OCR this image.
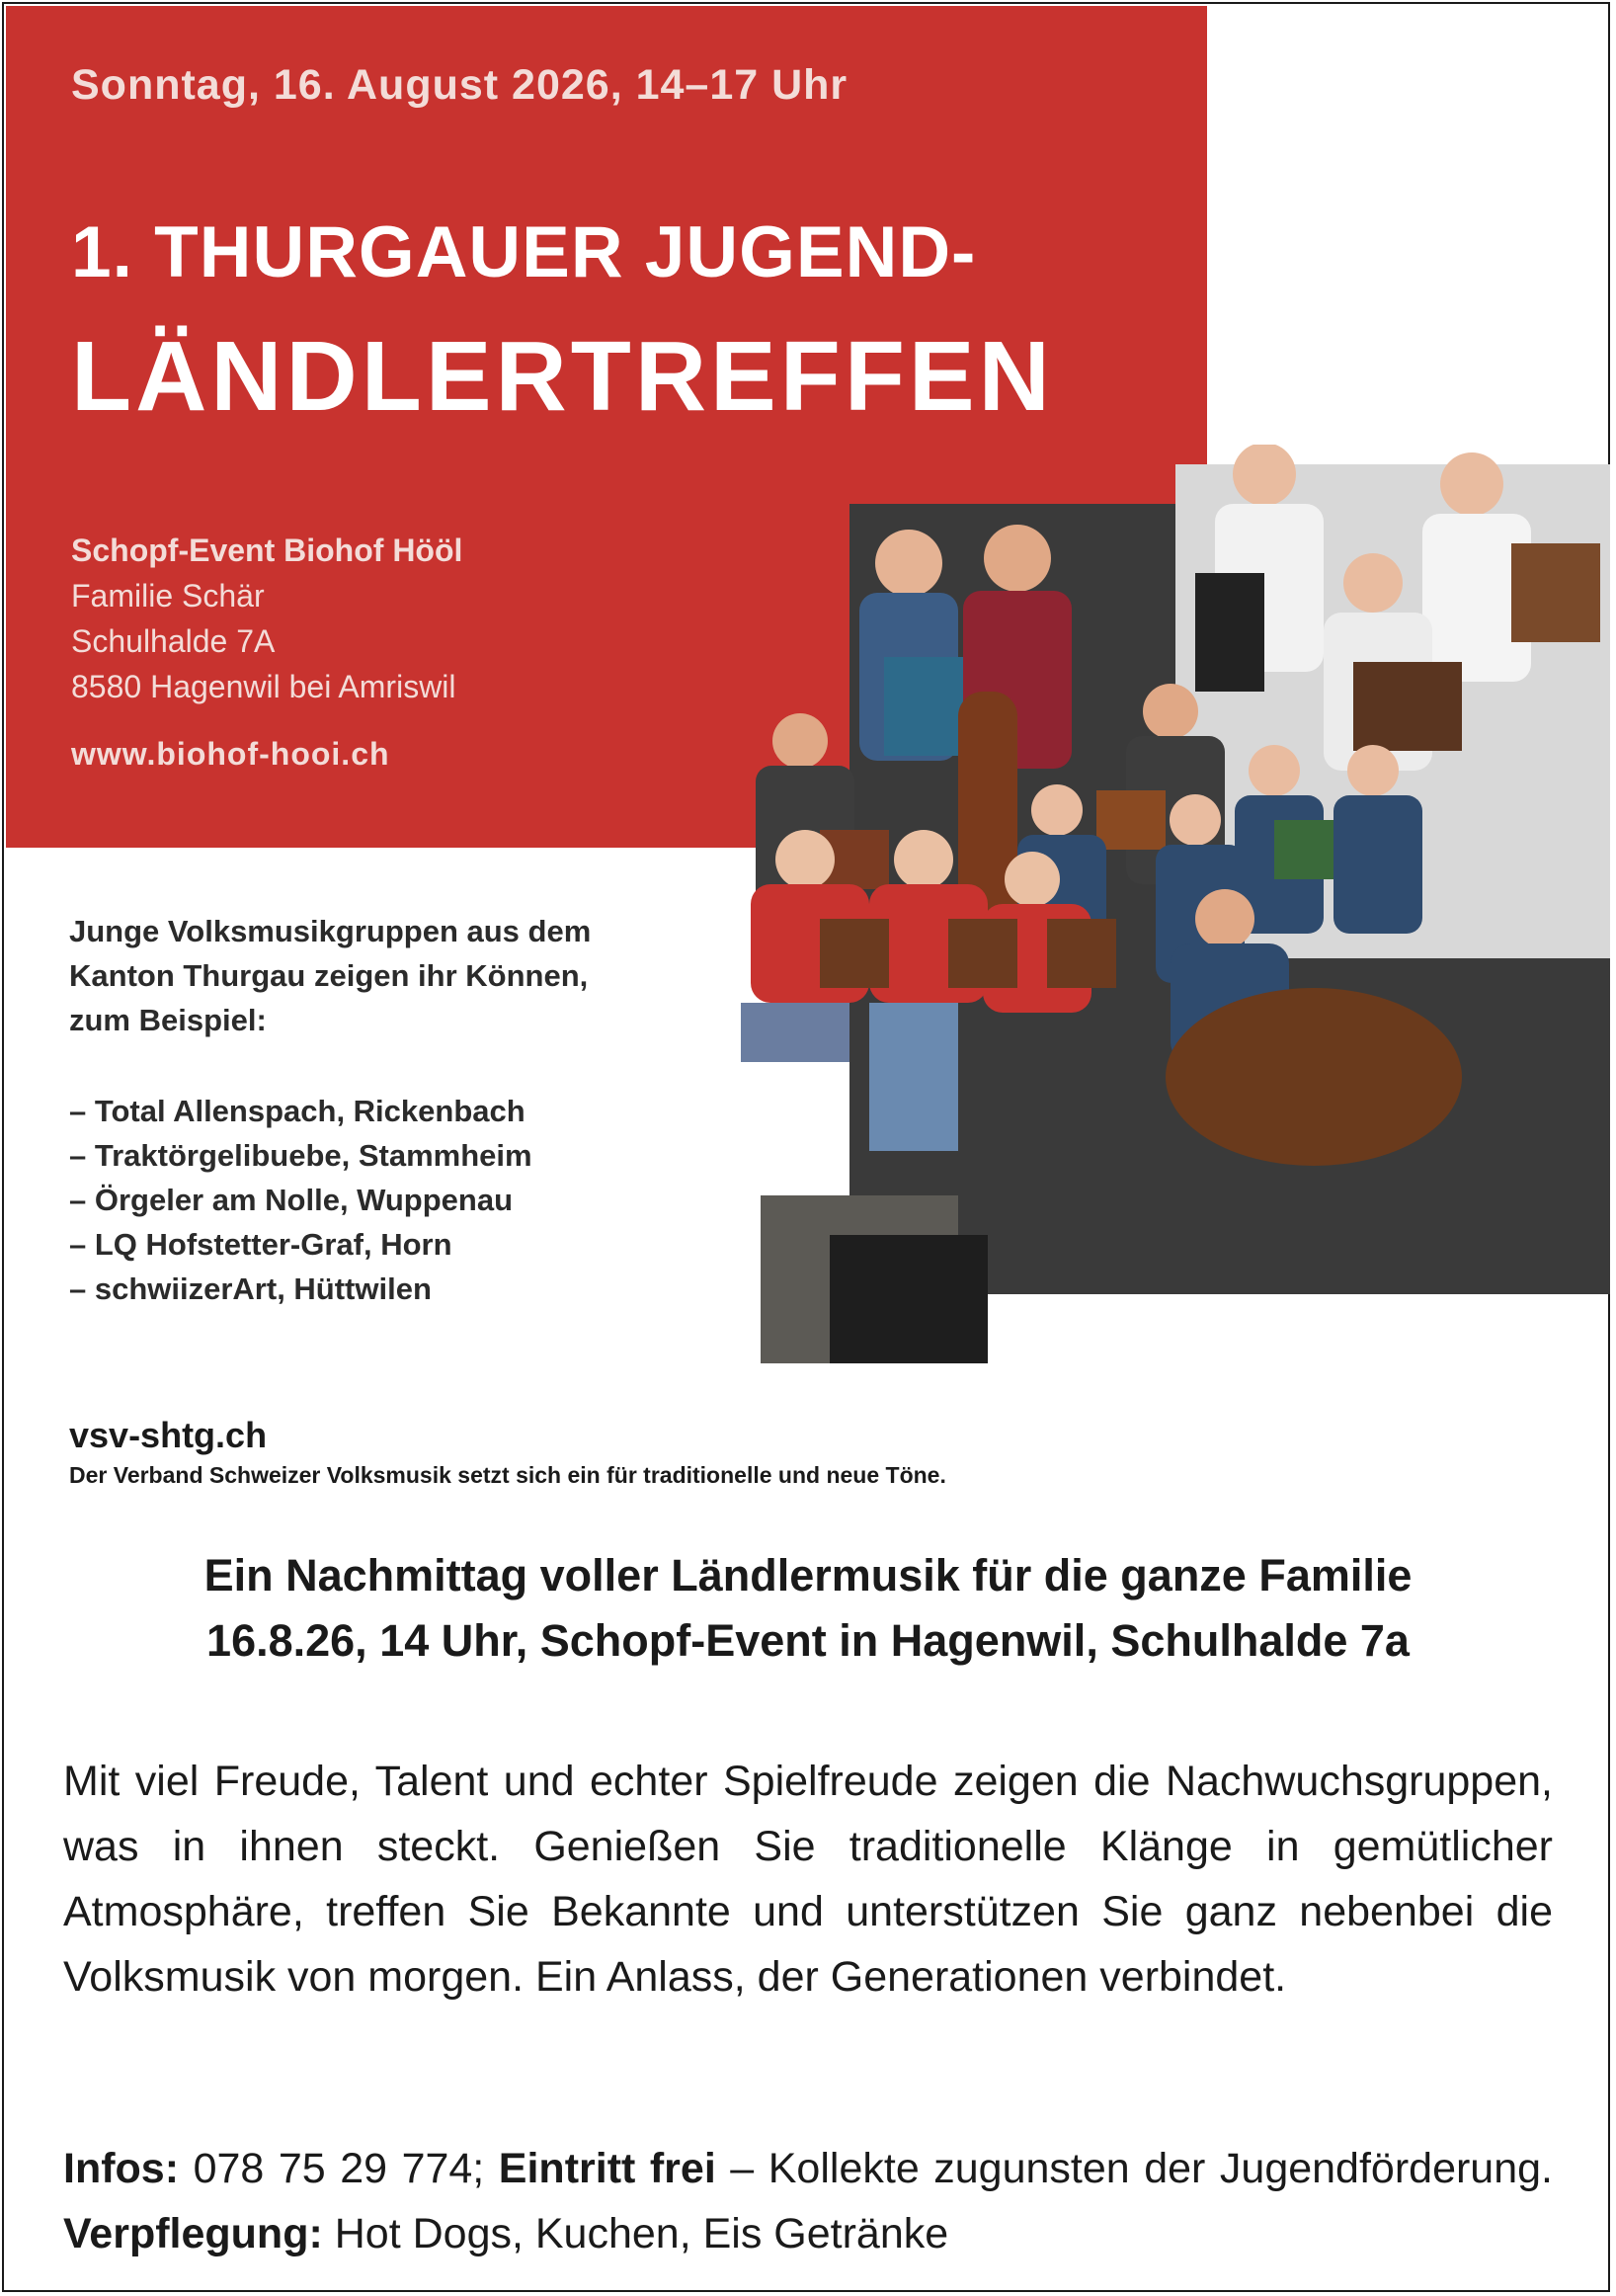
Sonntag, 16. August 2026, 14–17 Uhr
1. THURGAUER JUGEND-
LÄNDLERTREFFEN
Schopf-Event Biohof Hööl
Familie Schär
Schulhalde 7A
8580 Hagenwil bei Amriswil
www.biohof-hooi.ch
Junge Volksmusikgruppen aus dem
Kanton Thurgau zeigen ihr Können,
zum Beispiel:
– Total Allenspach, Rickenbach
– Traktörgelibuebe, Stammheim
– Örgeler am Nolle, Wuppenau
– LQ Hofstetter-Graf, Horn
– schwiizerArt, Hüttwilen
vsv-shtg.ch
Der Verband Schweizer Volksmusik setzt sich ein für traditionelle und neue Töne.
Ein Nachmittag voller Ländlermusik für die ganze Familie
16.8.26, 14 Uhr, Schopf-Event in Hagenwil, Schulhalde 7a
Mit viel Freude, Talent und echter Spielfreude zeigen die Nachwuchsgruppen, was in ihnen steckt. Genießen Sie traditionelle Klänge in gemütlicher Atmosphäre, treffen Sie Bekannte und unterstützen Sie ganz nebenbei die Volksmusik von morgen. Ein Anlass, der Generationen verbindet.
Infos: 078 75 29 774; Eintritt frei – Kollekte zugunsten der Jugendförderung. Verpflegung: Hot Dogs, Kuchen, Eis Getränke
